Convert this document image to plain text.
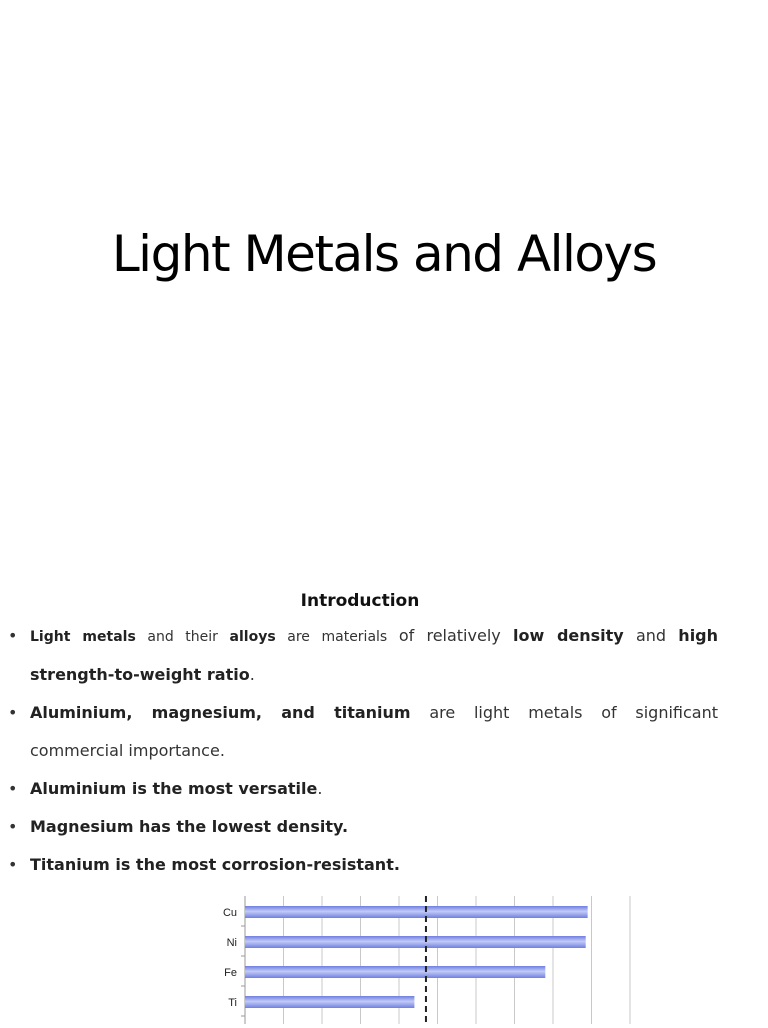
Light Metals and Alloys
Introduction
• Light metals and their alloys are materials of relatively low density and high
strength-to-weight ratio.
• Aluminium, magnesium, and titanium are light metals of significant
commercial importance.
• Aluminium is the most versatile.
• Magnesium has the lowest density.
• Titanium is the most corrosion-resistant.
Cu
Ni
Fe
Ti
